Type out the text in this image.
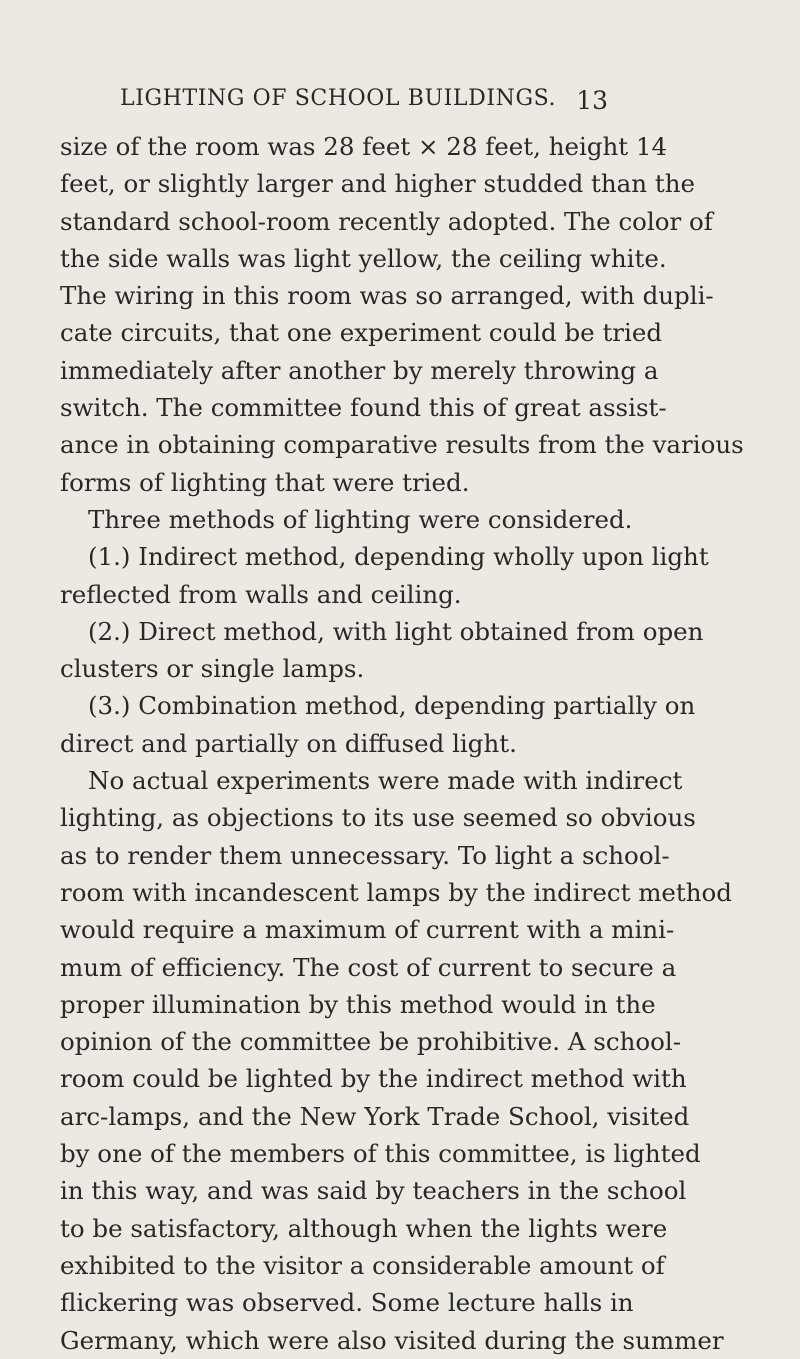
LIGHTING OF SCHOOL BUILDINGS. 13
size of the room was 28 feet × 28 feet, height 14
feet, or slightly larger and higher studded than the
standard school-room recently adopted. The color of
the side walls was light yellow, the ceiling white.
The wiring in this room was so arranged, with dupli-
cate circuits, that one experiment could be tried
immediately after another by merely throwing a
switch. The committee found this of great assist-
ance in obtaining comparative results from the various
forms of lighting that were tried.
Three methods of lighting were considered.
(1.) Indirect method, depending wholly upon light
reflected from walls and ceiling.
(2.) Direct method, with light obtained from open
clusters or single lamps.
(3.) Combination method, depending partially on
direct and partially on diffused light.
No actual experiments were made with indirect
lighting, as objections to its use seemed so obvious
as to render them unnecessary. To light a school-
room with incandescent lamps by the indirect method
would require a maximum of current with a mini-
mum of efficiency. The cost of current to secure a
proper illumination by this method would in the
opinion of the committee be prohibitive. A school-
room could be lighted by the indirect method with
arc-lamps, and the New York Trade School, visited
by one of the members of this committee, is lighted
in this way, and was said by teachers in the school
to be satisfactory, although when the lights were
exhibited to the visitor a considerable amount of
flickering was observed. Some lecture halls in
Germany, which were also visited during the summer
